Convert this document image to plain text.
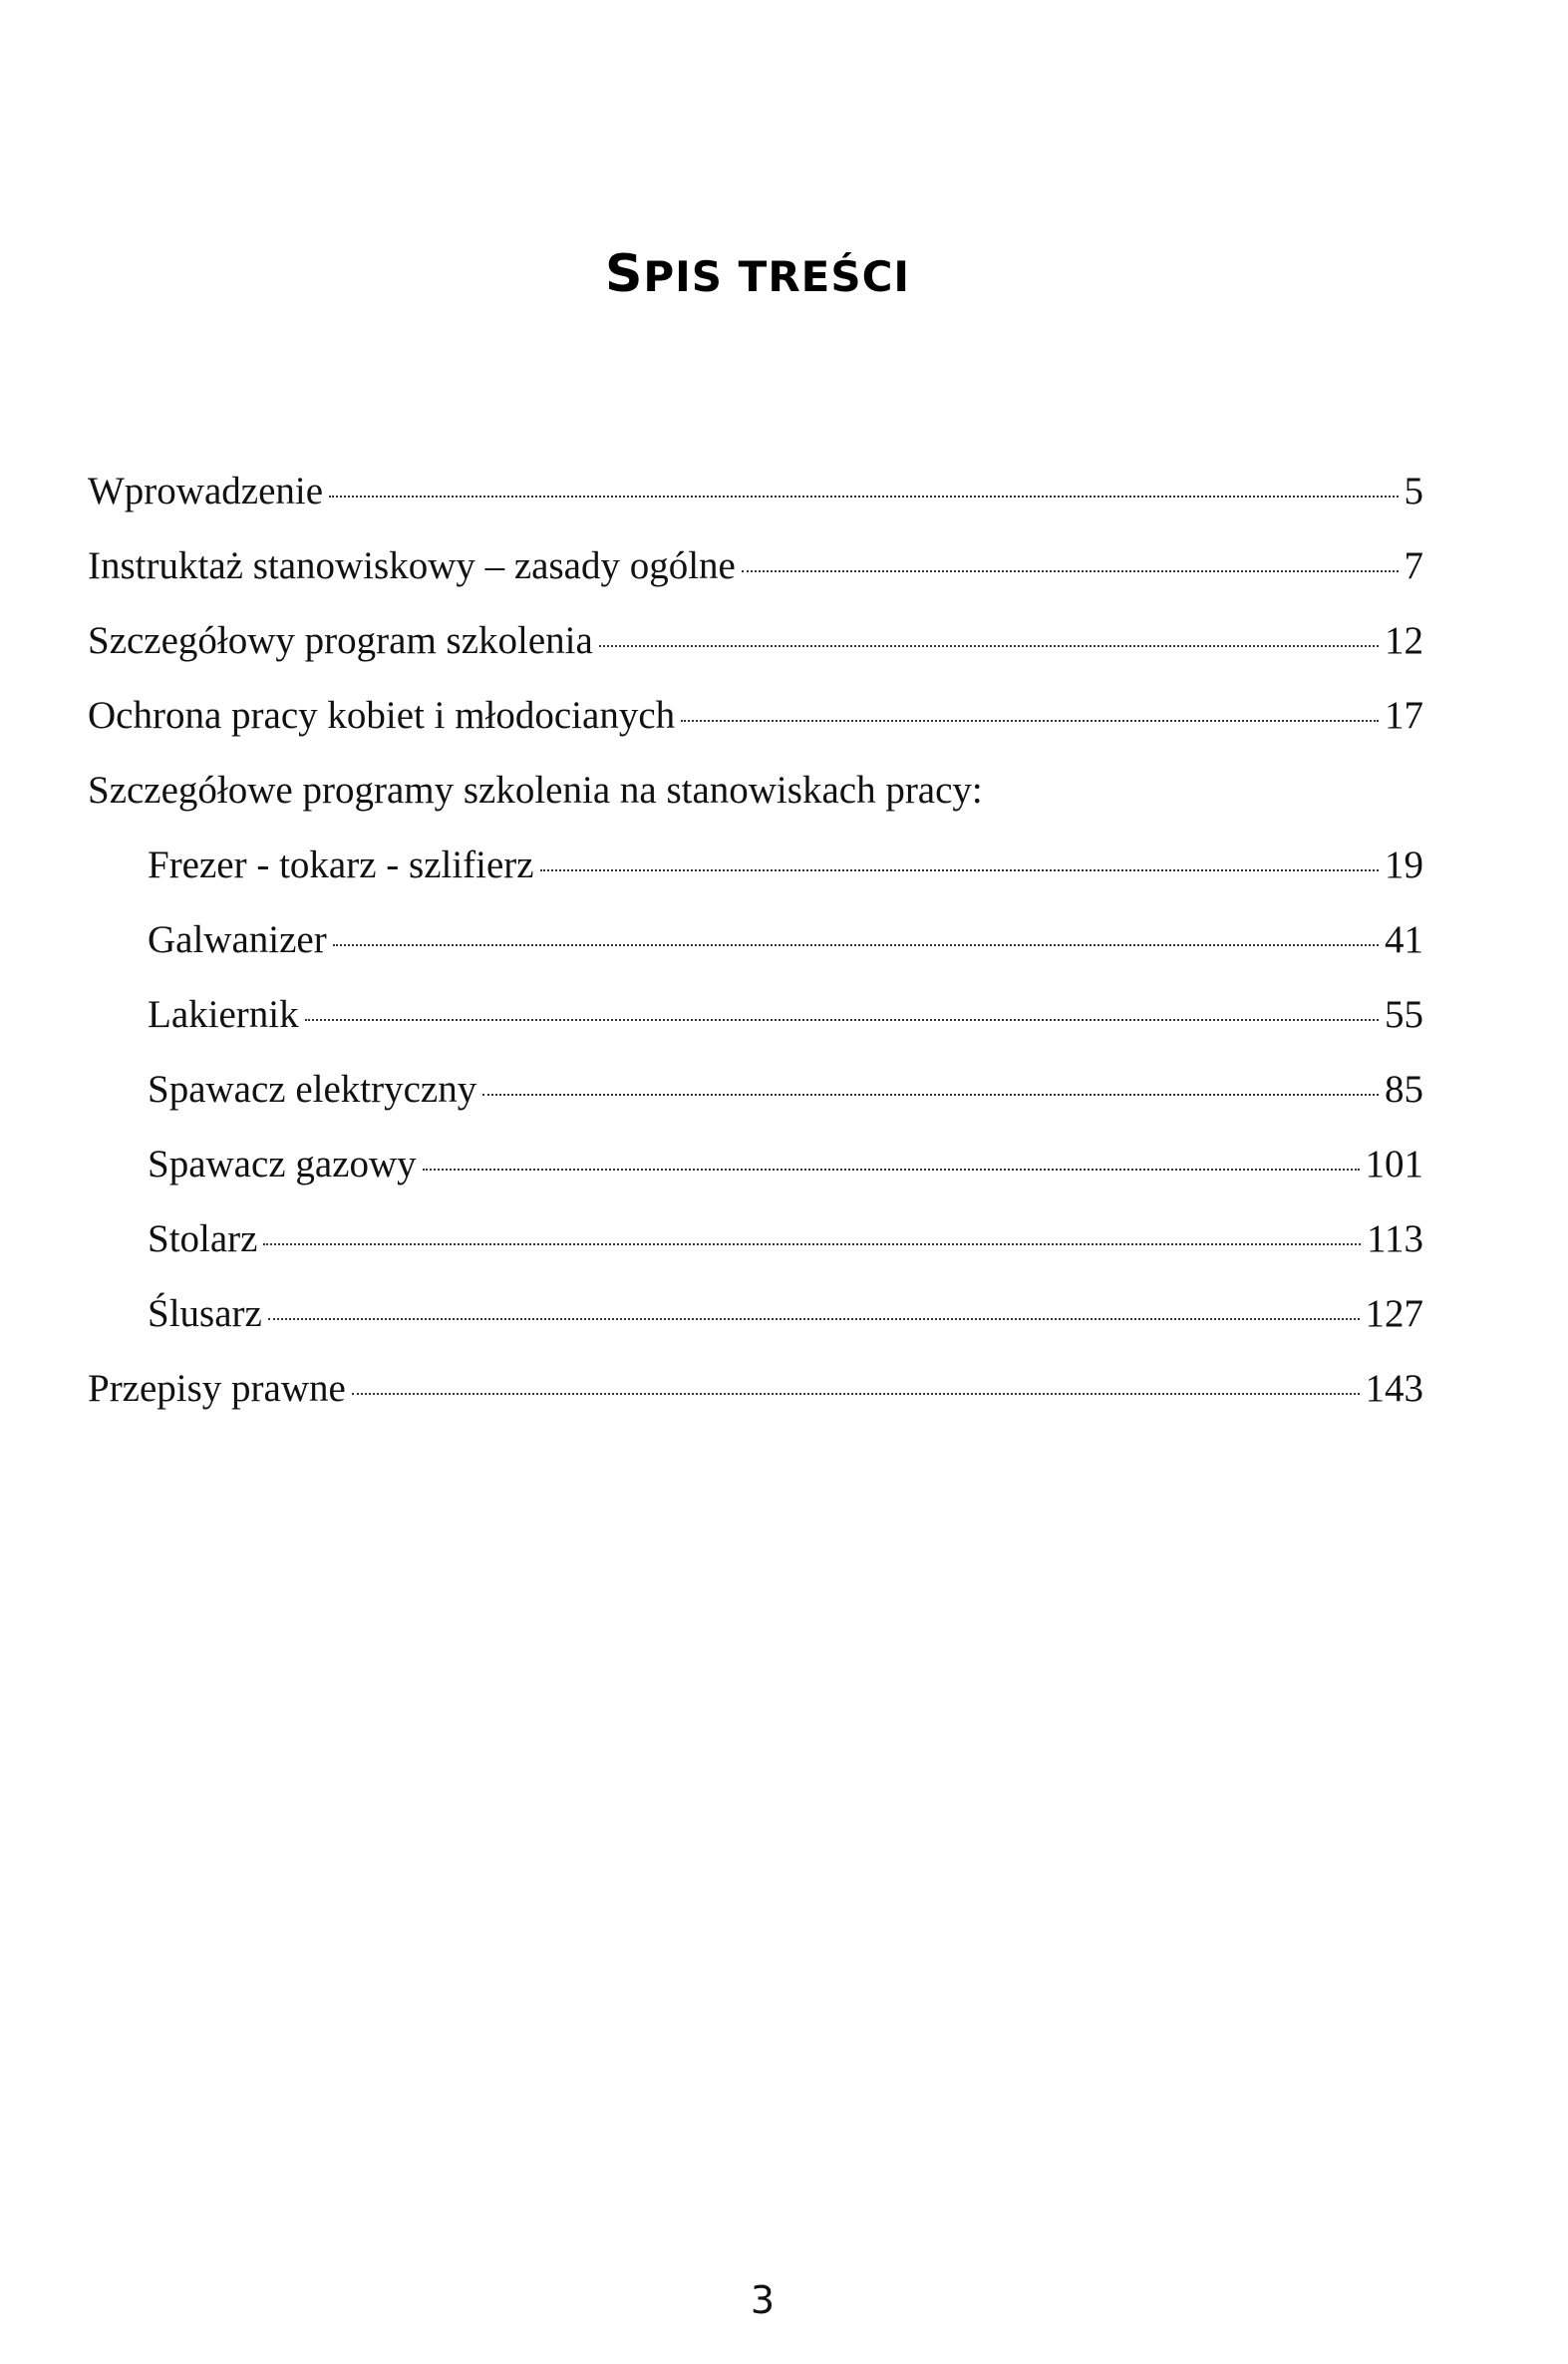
SPIS TREŚCI
Wprowadzenie	5
Instruktaż stanowiskowy – zasady ogólne	7
Szczegółowy program szkolenia	12
Ochrona pracy kobiet i młodocianych	17
Szczegółowe programy szkolenia na stanowiskach pracy:
Frezer - tokarz - szlifierz	19
Galwanizer	41
Lakiernik	55
Spawacz elektryczny	85
Spawacz gazowy	101
Stolarz	113
Ślusarz	127
Przepisy prawne	143
3
